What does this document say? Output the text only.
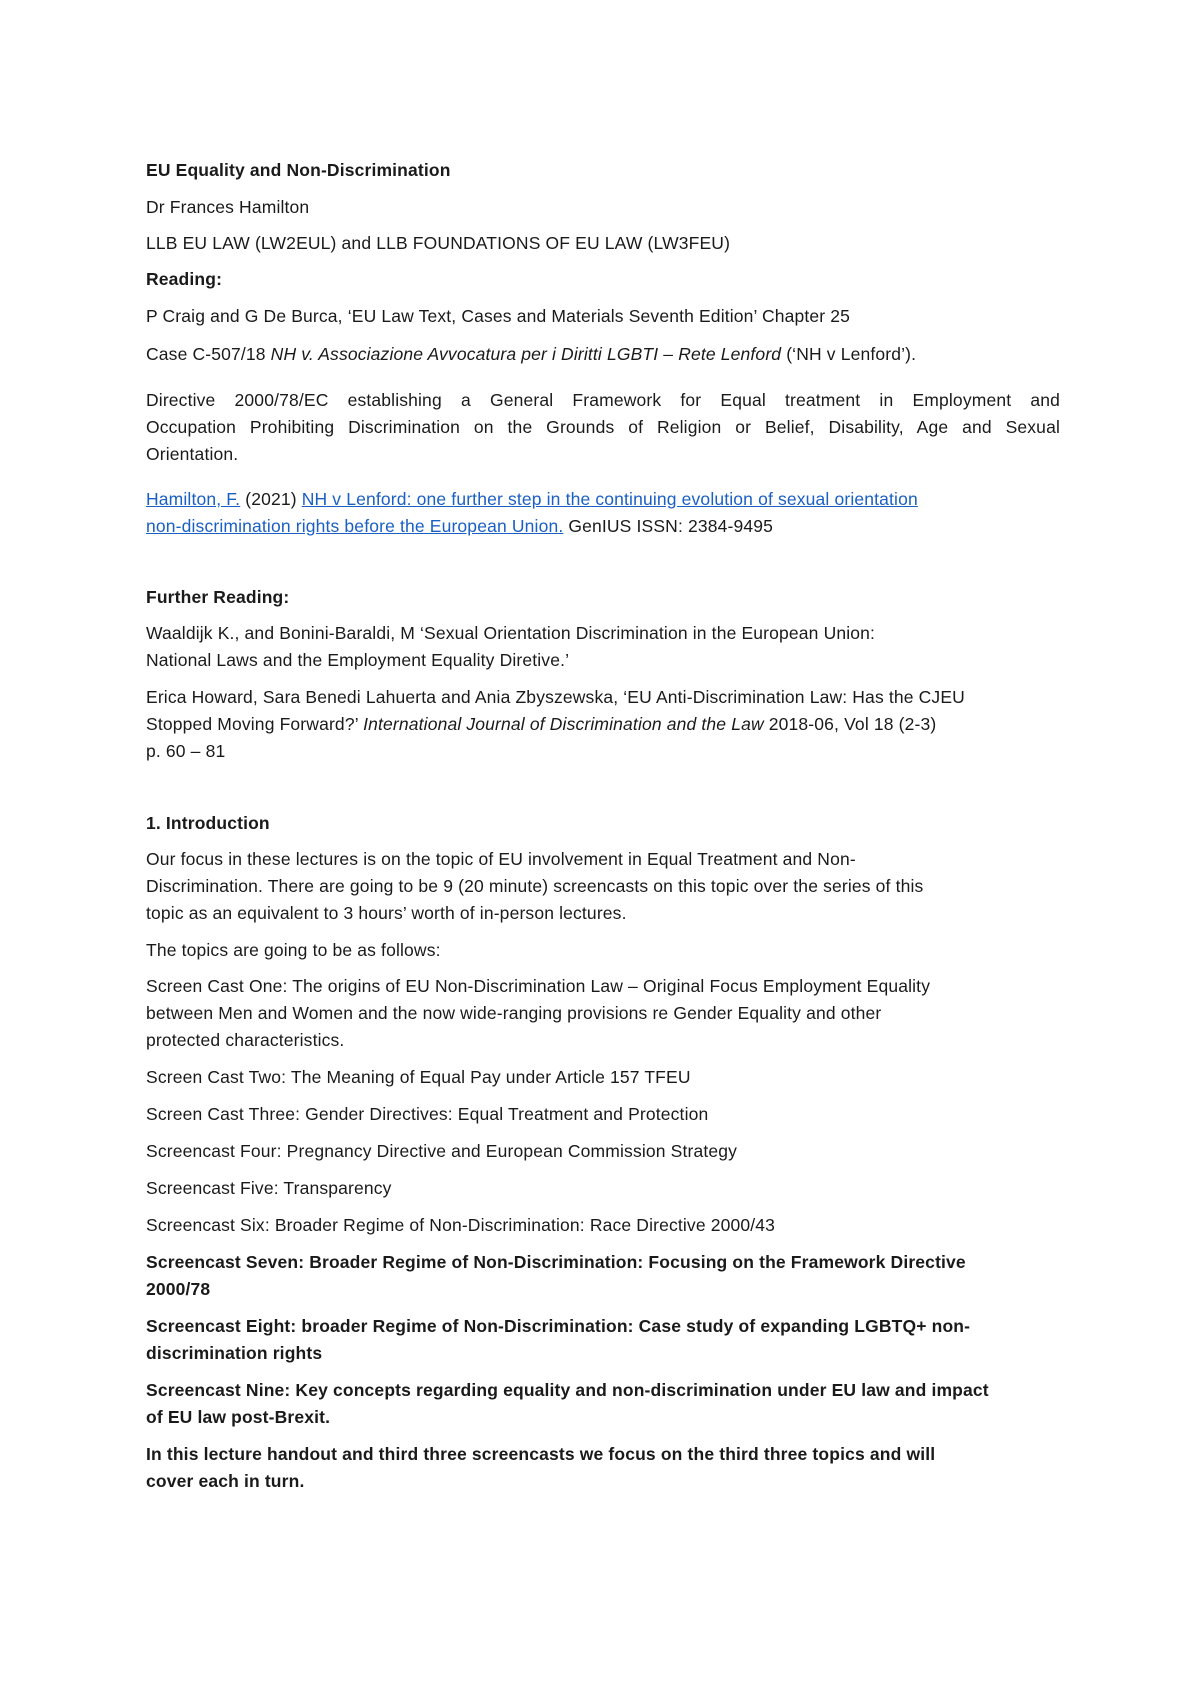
EU Equality and Non-Discrimination
Dr Frances Hamilton
LLB EU LAW (LW2EUL) and LLB FOUNDATIONS OF EU LAW (LW3FEU)
Reading:
P Craig and G De Burca, ‘EU Law Text, Cases and Materials Seventh Edition’ Chapter 25
Case C-507/18 NH v. Associazione Avvocatura per i Diritti LGBTI – Rete Lenford (‘NH v Lenford’).
Directive 2000/78/EC establishing a General Framework for Equal treatment in Employment and
Occupation Prohibiting Discrimination on the Grounds of Religion or Belief, Disability, Age and Sexual
Orientation.
Hamilton, F. (2021) NH v Lenford: one further step in the continuing evolution of sexual orientation
non-discrimination rights before the European Union. GenIUS ISSN: 2384-9495
Further Reading:
Waaldijk K., and Bonini-Baraldi, M ‘Sexual Orientation Discrimination in the European Union:
National Laws and the Employment Equality Diretive.’
Erica Howard, Sara Benedi Lahuerta and Ania Zbyszewska, ‘EU Anti-Discrimination Law: Has the CJEU
Stopped Moving Forward?’ International Journal of Discrimination and the Law 2018-06, Vol 18 (2-3)
p. 60 – 81
1. Introduction
Our focus in these lectures is on the topic of EU involvement in Equal Treatment and Non-
Discrimination. There are going to be 9 (20 minute) screencasts on this topic over the series of this
topic as an equivalent to 3 hours’ worth of in-person lectures.
The topics are going to be as follows:
Screen Cast One: The origins of EU Non-Discrimination Law – Original Focus Employment Equality
between Men and Women and the now wide-ranging provisions re Gender Equality and other
protected characteristics.
Screen Cast Two: The Meaning of Equal Pay under Article 157 TFEU
Screen Cast Three: Gender Directives: Equal Treatment and Protection
Screencast Four: Pregnancy Directive and European Commission Strategy
Screencast Five: Transparency
Screencast Six: Broader Regime of Non-Discrimination: Race Directive 2000/43
Screencast Seven: Broader Regime of Non-Discrimination: Focusing on the Framework Directive
2000/78
Screencast Eight: broader Regime of Non-Discrimination: Case study of expanding LGBTQ+ non-
discrimination rights
Screencast Nine: Key concepts regarding equality and non-discrimination under EU law and impact
of EU law post-Brexit.
In this lecture handout and third three screencasts we focus on the third three topics and will
cover each in turn.
